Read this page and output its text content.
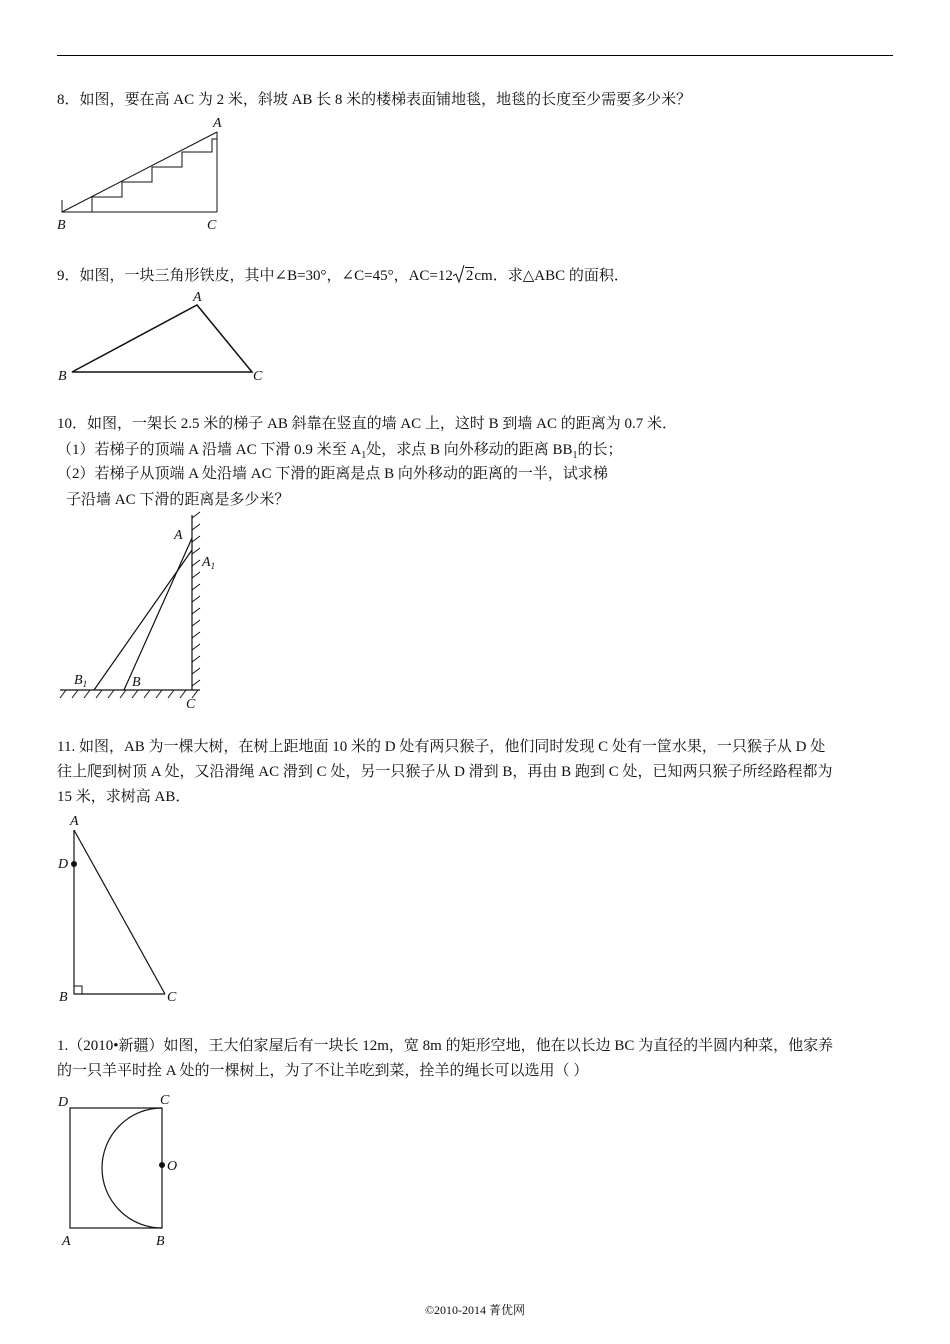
8．如图，要在高 AC 为 2 米，斜坡 AB 长 8 米的楼梯表面铺地毯，地毯的长度至少需要多少米？
A
B	C
9．如图，一块三角形铁皮，其中∠B=30°，∠C=45°，AC=12 2cm．求△ABC 的面积．
A
B	C
10．如图，一架长 2.5 米的梯子 AB 斜靠在竖直的墙 AC 上，这时 B 到墙 AC 的距离为 0.7 米．
（1）若梯子的顶端 A 沿墙 AC 下滑 0.9 米至 $A_1$处，求点 B 向外移动的距离 $BB_1$的长；
（2）若梯子从顶端 A 处沿墙 AC 下滑的距离是点 B 向外移动的距离的一半，试求梯
子沿墙 AC 下滑的距离是多少米？
A
$A_1$
$B_1$	B
C
11. 如图，AB 为一棵大树，在树上距地面 10 米的 D 处有两只猴子，他们同时发现 C 处有一筐水果，一只猴子从 D 处
往上爬到树顶 A 处，又沿滑绳 AC 滑到 C 处，另一只猴子从 D 滑到 B，再由 B 跑到 C 处，已知两只猴子所经路程都为
15 米，求树高 AB．
A
D
B	C
1.（2010•新疆）如图，王大伯家屋后有一块长 12m，宽 8m 的矩形空地，他在以长边 BC 为直径的半圆内种菜，他家养
的一只羊平时拴 A 处的一棵树上，为了不让羊吃到菜，拴羊的绳长可以选用（ ）
D	C
O
A	B
©2010-2014 菁优网
